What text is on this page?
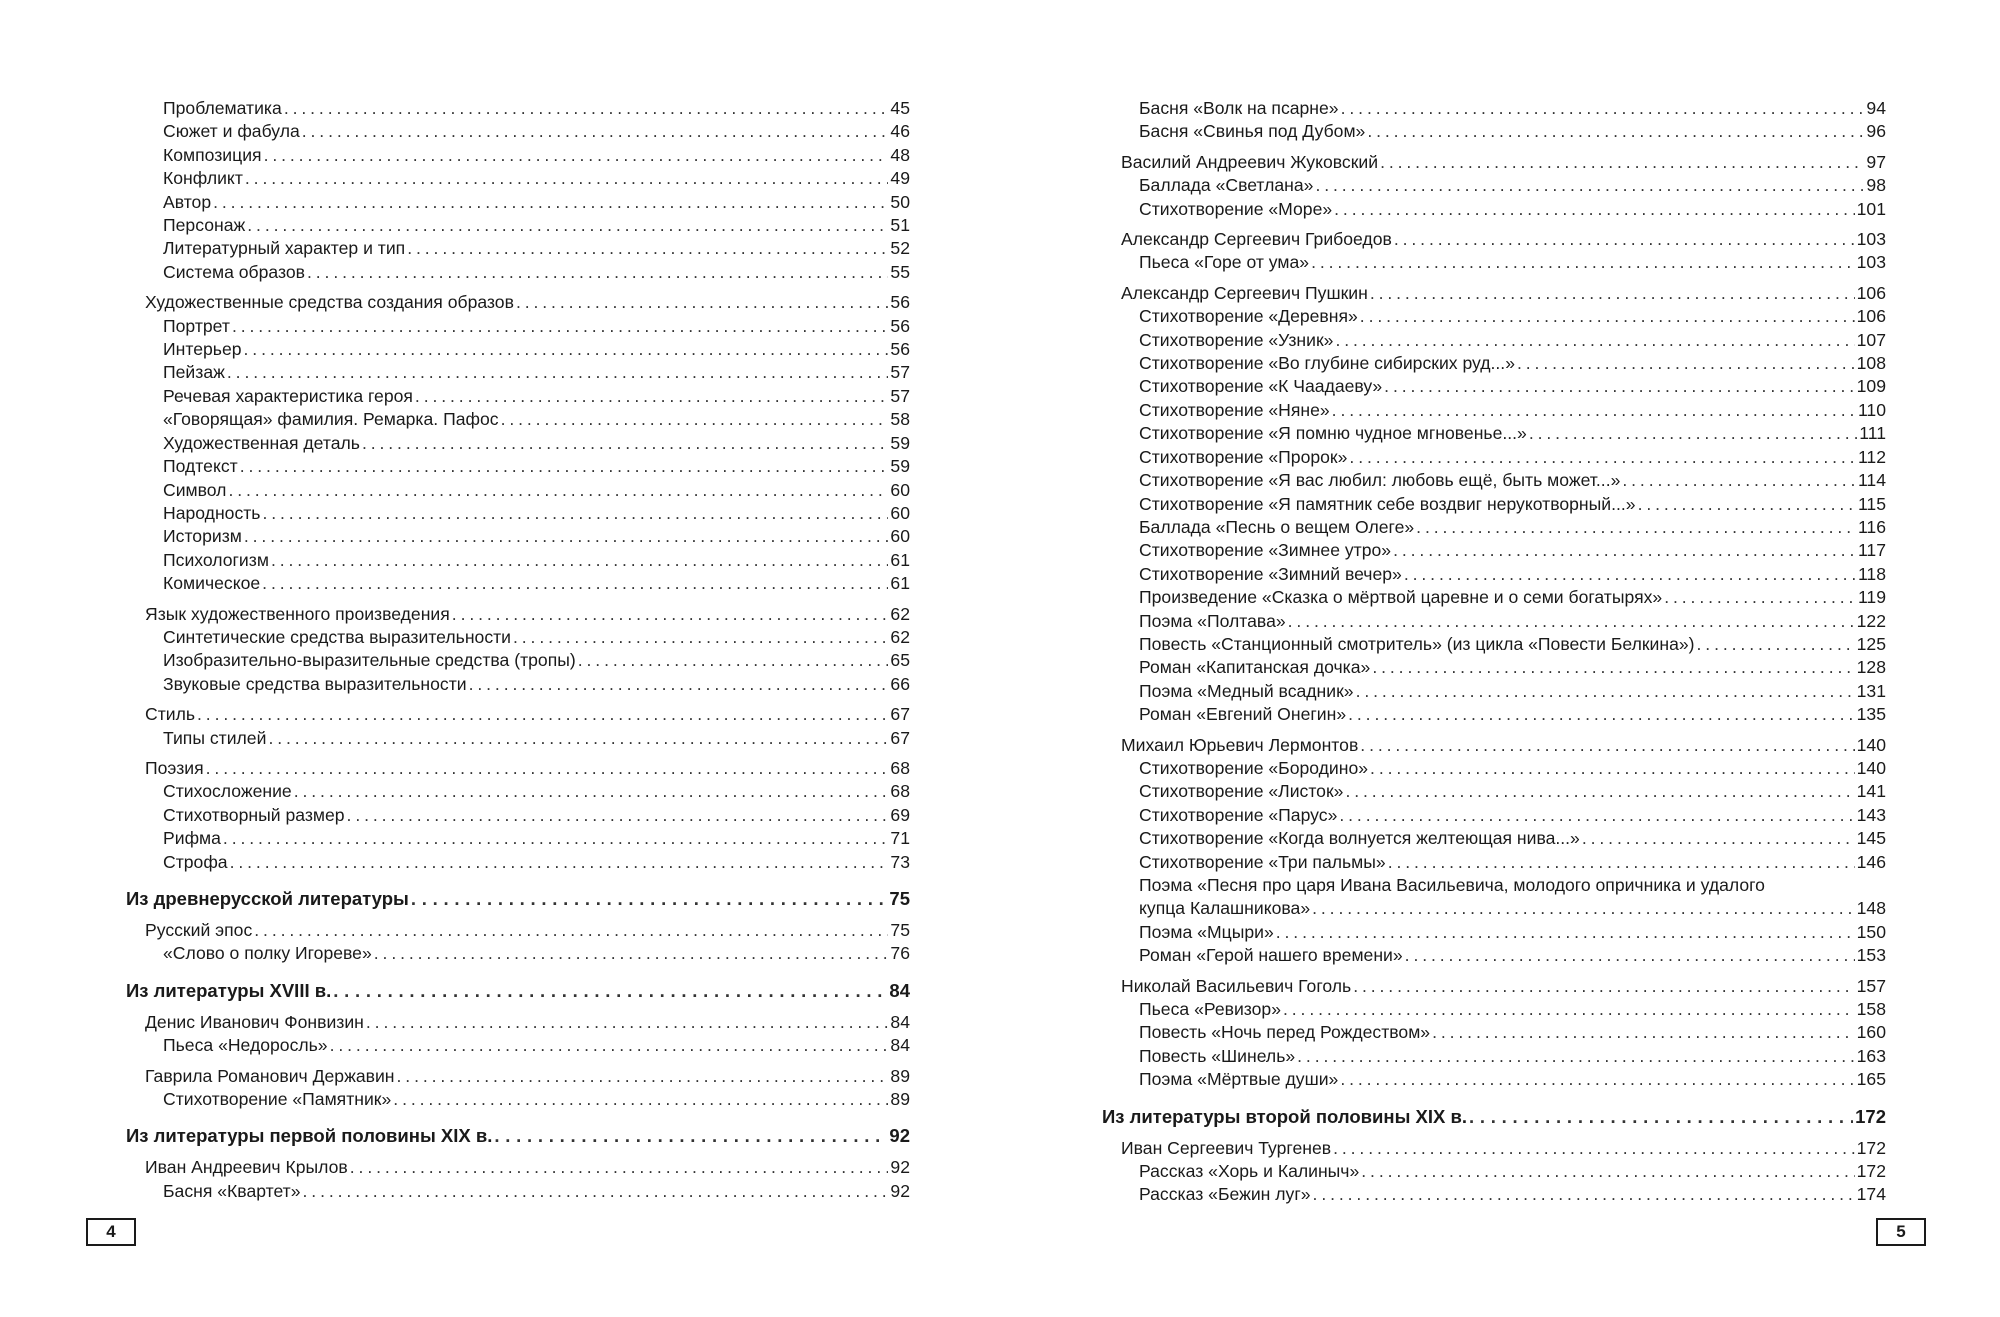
Проблематика . . .	45
Сюжет и фабула . . .	46
Композиция . . .	48
Конфликт . . .	49
Автор . . .	50
Персонаж . . .	51
Литературный характер и тип . . .	52
Система образов . . .	55
Художественные средства создания образов . . .	56
Портрет . . .	56
Интерьер . . .	56
Пейзаж . . .	57
Речевая характеристика героя . . .	57
«Говорящая» фамилия. Ремарка. Пафос . . .	58
Художественная деталь . . .	59
Подтекст . . .	59
Символ . . .	60
Народность . . .	60
Историзм . . .	60
Психологизм . . .	61
Комическое . . .	61
Язык художественного произведения . . .	62
Синтетические средства выразительности . . .	62
Изобразительно-выразительные средства (тропы) . . .	65
Звуковые средства выразительности . . .	66
Стиль . . .	67
Типы стилей . . .	67
Поэзия . . .	68
Стихосложение . . .	68
Стихотворный размер . . .	69
Рифма . . .	71
Строфа . . .	73
Из древнерусской литературы . . .	75
Русский эпос . . .	75
«Слово о полку Игореве» . . .	76
Из литературы XVIII в. . . .	84
Денис Иванович Фонвизин . . .	84
Пьеса «Недоросль» . . .	84
Гаврила Романович Державин . . .	89
Стихотворение «Памятник» . . .	89
Из литературы первой половины XIX в. . . .	92
Иван Андреевич Крылов . . .	92
Басня «Квартет» . . .	92
Басня «Волк на псарне» . . .	94
Басня «Свинья под Дубом» . . .	96
Василий Андреевич Жуковский . . .	97
Баллада «Светлана» . . .	98
Стихотворение «Море» . . .	101
Александр Сергеевич Грибоедов . . .	103
Пьеса «Горе от ума» . . .	103
Александр Сергеевич Пушкин . . .	106
Стихотворение «Деревня» . . .	106
Стихотворение «Узник» . . .	107
Стихотворение «Во глубине сибирских руд...» . . .	108
Стихотворение «К Чаадаеву» . . .	109
Стихотворение «Няне» . . .	110
Стихотворение «Я помню чудное мгновенье...» . . .	111
Стихотворение «Пророк» . . .	112
Стихотворение «Я вас любил: любовь ещё, быть может...» . . .	114
Стихотворение «Я памятник себе воздвиг нерукотворный...» . . .	115
Баллада «Песнь о вещем Олеге» . . .	116
Стихотворение «Зимнее утро» . . .	117
Стихотворение «Зимний вечер» . . .	118
Произведение «Сказка о мёртвой царевне и о семи богатырях» . . .	119
Поэма «Полтава» . . .	122
Повесть «Станционный смотритель» (из цикла «Повести Белкина») . . .	125
Роман «Капитанская дочка» . . .	128
Поэма «Медный всадник» . . .	131
Роман «Евгений Онегин» . . .	135
Михаил Юрьевич Лермонтов . . .	140
Стихотворение «Бородино» . . .	140
Стихотворение «Листок» . . .	141
Стихотворение «Парус» . . .	143
Стихотворение «Когда волнуется желтеющая нива...» . . .	145
Стихотворение «Три пальмы» . . .	146
Поэма «Песня про царя Ивана Васильевича, молодого опричника и удалого
купца Калашникова» . . .	148
Поэма «Мцыри» . . .	150
Роман «Герой нашего времени» . . .	153
Николай Васильевич Гоголь . . .	157
Пьеса «Ревизор» . . .	158
Повесть «Ночь перед Рождеством» . . .	160
Повесть «Шинель» . . .	163
Поэма «Мёртвые души» . . .	165
Из литературы второй половины XIX в. . . .	172
Иван Сергеевич Тургенев . . .	172
Рассказ «Хорь и Калиныч» . . .	172
Рассказ «Бежин луг» . . .	174
4	5
